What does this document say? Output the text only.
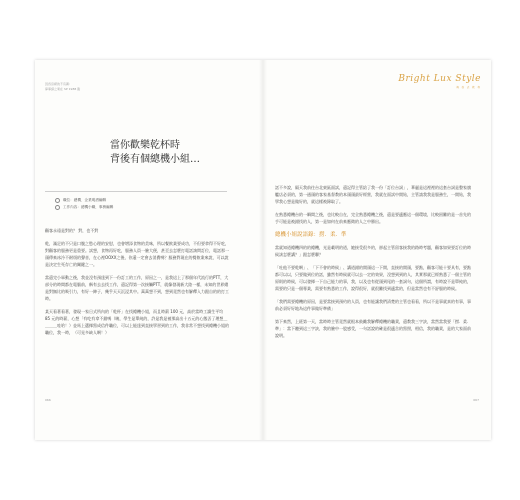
因爲這樣的不有趣：
算事請之業在 SP 1988 點
當你歡樂乾杯時
背後有個總機小組…
職位：總機．企業明酒編輯
工作內容：總機小職．事務編輯

顧客永遠是對的？ 對，也不對

乾，滿足的不只是口腹之慾心理的安慰，也會增添食物的美味，所以餐飲業要成功，不但要拿得不好吃，對顧客的服務更是重要。試想，食物再好吃，服務人員一臉大便，甚至去怎麼打電話詢問訂位，電話那一頭傳來冰冷不耐煩的聲音，在心裡OOXX之後，你還一定會去消費嗎？服務對現在的餐飲業來說，可以說是決定生死存亡的關鍵之一。

當還完小軍動之後，我並沒有預達到下一份訂工的工作，原因之一，是我這上了那個年代流行的PTT，大部分的時間都在電腦前，稱有去去找工作，還記得第一次接觸PTT，就像發現新大陸一樣，未知的世界總是對無比的吸引力，有好一陣子，幾乎天天沉浸其中。萬萬想不到，想到竟然也有解釋入力跟自的的打工時。

某天看著看著，發現一家日式所內的「乾杯」在找總機小姐，而且時薪 100 元，高於當時工讀生平均 85 元的時薪，心想「有吃有拿不錯嗎（咦，學生是單純的，許是我是被那高出十五元的心態丟了理想＿＿＿＿哇哈！）並馬上選擇寫成信件職位，可以上能達到直接學習到的工作，我非常不想找到總機小姐的職位，我一時，（可見多缺人啊！）

066
Bright Lux Style
夠 好 去 乾 杯

話不多說，隔天我前往台北東區面試，還記得主管給了我一份「訂位台詞」，華麗是這裡裡的這套台詞是整家旗艦店必須的，第一通頭的客家基督教的本頭頭最好經營，我就在面試中開始，主管請我我是服務生，一開始，我學我心想是做好的，就這樣被錄取了。

在熟悉總機台的一瞬間之後，也比較自在，完全熟悉總機之後，還是要適應這一個環境，比較困難的是一首先的手可能是被錯找的人，第一是如何在前來應徵的人之中勝出。

總機小姐說語錄：撈．柔．準

當就知道總機四的的總機，光是載明的道，她接受很多的，卻起主管留客接我的路時考題，顧客如果要訂位的時候該怎麼講？」跟怎麼聊？

「吐他不要乾啊」、「下不會的時候」、講道錯的開頭這一下開，直接的開頭，要點，顧客可能十要具有，要點都可以以，只要做到位的話，雖然有時候就可以去一定的效果，沒想到到的人，其實那就已經熟悉了一個主管的原則的時候，可以發揮一下自己能力的事，我，以及也有從頭到尾的一套詞句，這個所謂，有時說不是單純的，需要的只是一個專業，需要有熟悉的工作，說得很好，就很難找到適當的，但是當然也有不舒服的時候。

「我們需要總機的原因，是要當接到預約的人員，也有能讓我們清楚的主管也看看，所以不是事就真的有事，事前必須好好地為這件事做好準備」

第下來然，上班第一天，當時時主管竟然就根本鼓勵我解釋總機的職責，還教我三字訣，當然當我要「撈．柔．準」：當下聽到這三字訣，我的臉中一股感受，一句話說的確是很適合的寫照，相信，我的職責，是的大家面前說明。

067
